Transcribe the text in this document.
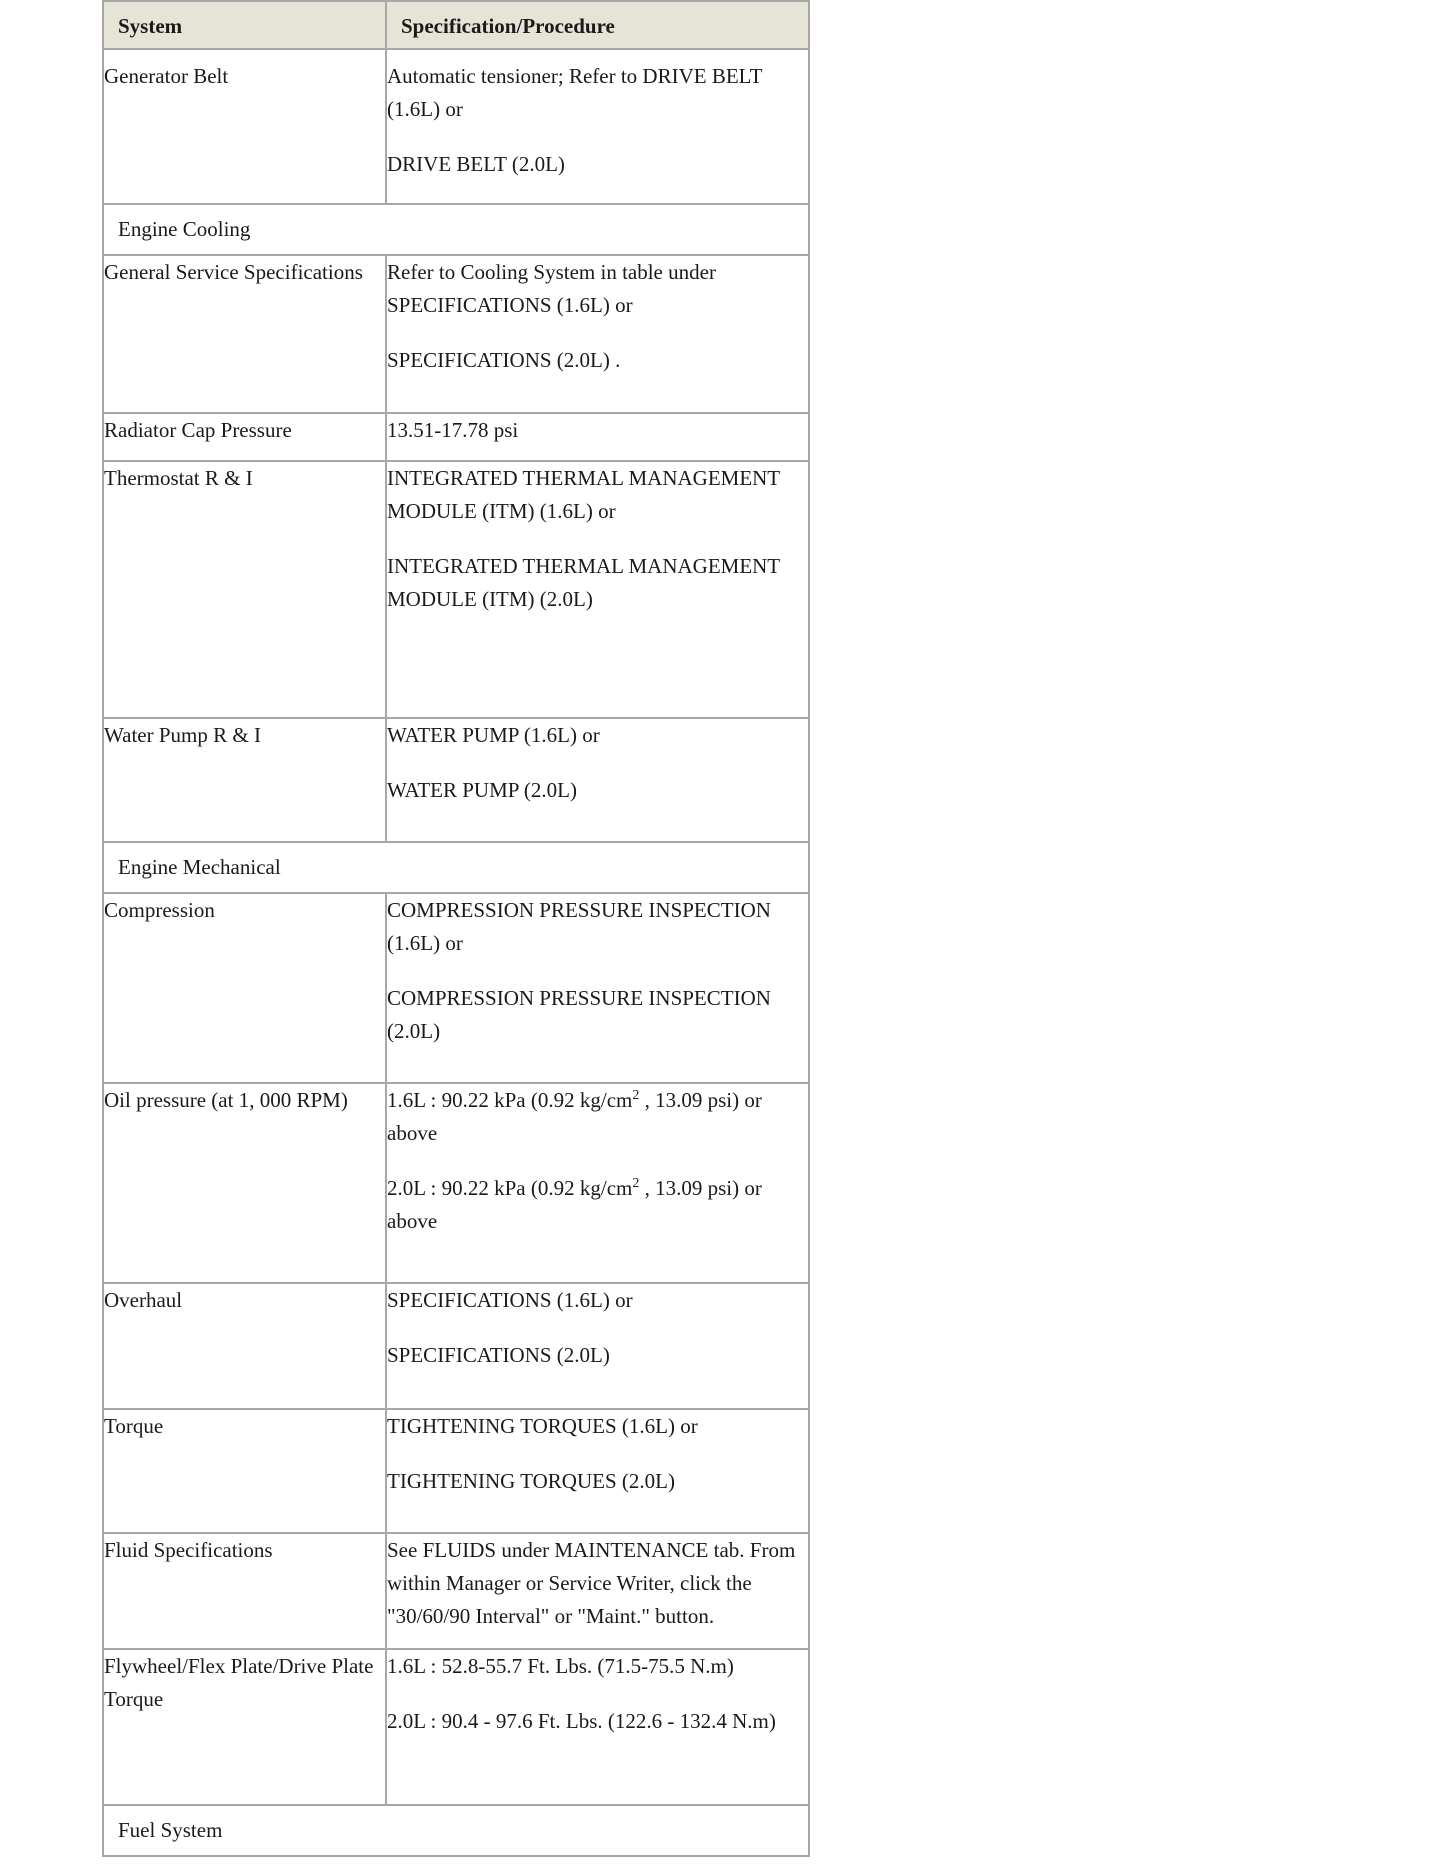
System	Specification/Procedure
Generator Belt	Automatic tensioner; Refer to DRIVE BELT (1.6L) or

DRIVE BELT (2.0L)

Engine Cooling	
General Service Specifications	Refer to Cooling System in table under SPECIFICATIONS (1.6L) or

SPECIFICATIONS (2.0L) .

Radiator Cap Pressure	13.51-17.78 psi
Thermostat R & I	INTEGRATED THERMAL MANAGEMENT MODULE (ITM) (1.6L) or

INTEGRATED THERMAL MANAGEMENT MODULE (ITM) (2.0L)

Water Pump R & I	WATER PUMP (1.6L) or

WATER PUMP (2.0L)

Engine Mechanical	
Compression	COMPRESSION PRESSURE INSPECTION (1.6L) or

COMPRESSION PRESSURE INSPECTION (2.0L)

Oil pressure (at 1, 000 RPM)	1.6L : 90.22 kPa (0.92 $kg/cm^2$ , 13.09 psi) or above

2.0L : 90.22 kPa (0.92 $kg/cm^2$ , 13.09 psi) or above

Overhaul	SPECIFICATIONS (1.6L) or

SPECIFICATIONS (2.0L)

Torque	TIGHTENING TORQUES (1.6L) or

TIGHTENING TORQUES (2.0L)

Fluid Specifications	See FLUIDS under MAINTENANCE tab. From within Manager or Service Writer, click the "30/60/90 Interval" or "Maint." button.
Flywheel/Flex Plate/Drive Plate Torque	1.6L : 52.8-55.7 Ft. Lbs. (71.5-75.5 N.m)

2.0L : 90.4 - 97.6 Ft. Lbs. (122.6 - 132.4 N.m)

Fuel System	
